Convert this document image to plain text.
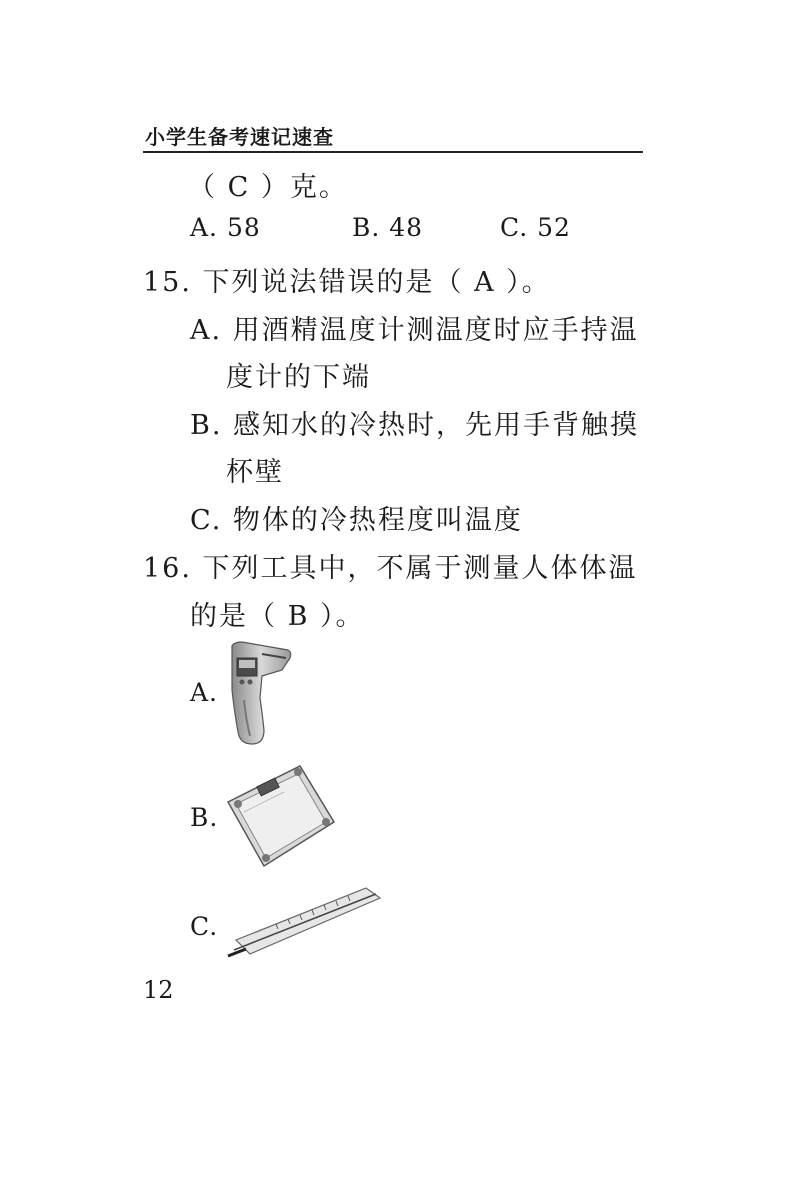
小学生备考速记速查
（ C ）克。
A. 58	B. 48	C. 52
15. 下列说法错误的是（ A ）。
A. 用酒精温度计测温度时应手持温
度计的下端
B. 感知水的冷热时，先用手背触摸
杯壁
C. 物体的冷热程度叫温度
16. 下列工具中，不属于测量人体体温
的是（ B ）。
A.
B.
C.
12
